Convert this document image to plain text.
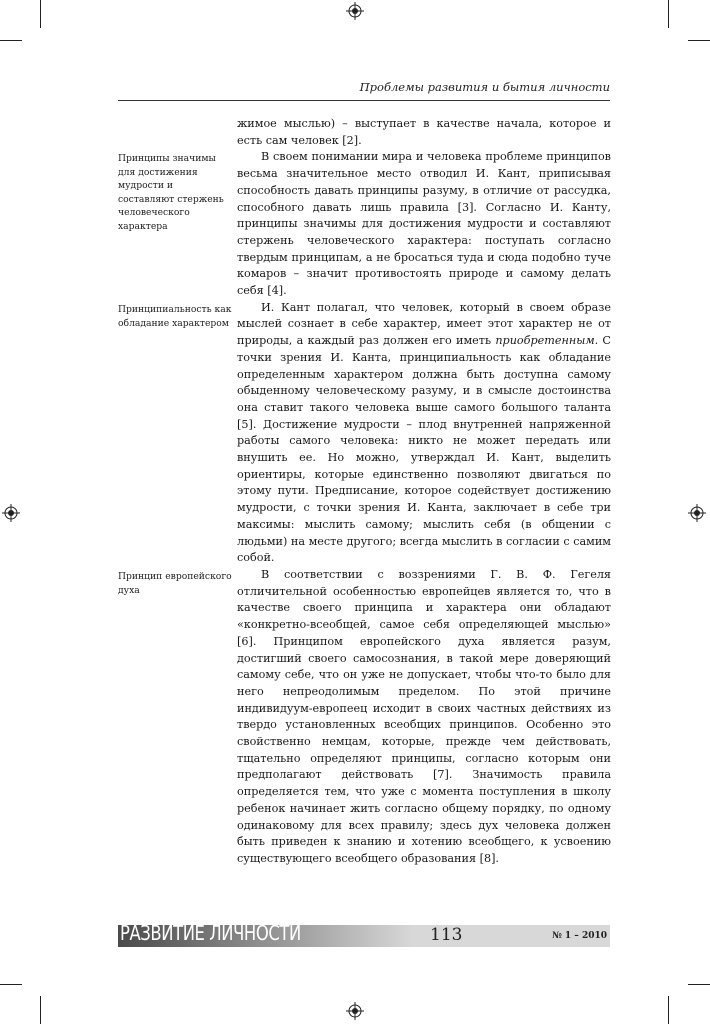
Проблемы развития и бытия личности
Принципы значимы для достижения мудрости и составляют стержень человеческого характера
Принципиальность как обладание характером
Принцип европейского духа

жимое мыслью) – выступает в качестве начала, которое и есть сам человек [2].

В своем понимании мира и человека проблеме принципов весьма значительное место отводил И. Кант, приписывая способность давать принципы разуму, в отличие от рассудка, способного давать лишь правила [3]. Согласно И. Канту, принципы значимы для достижения мудрости и составляют стержень человеческого характера: поступать согласно твердым принципам, а не бросаться туда и сюда подобно туче комаров – значит противостоять природе и самому делать себя [4].

И. Кант полагал, что человек, который в своем образе мыслей сознает в себе характер, имеет этот характер не от природы, а каждый раз должен его иметь приобретенным. С точки зрения И. Канта, принципиальность как обладание определенным характером должна быть доступна самому обыденному человеческому разуму, и в смысле достоинства она ставит такого человека выше самого большого таланта [5]. Достижение мудрости – плод внутренней напряженной работы самого человека: никто не может передать или внушить ее. Но можно, утверждал И. Кант, выделить ориентиры, которые единственно позволяют двигаться по этому пути. Предписание, которое содействует достижению мудрости, с точки зрения И. Канта, заключает в себе три максимы: мыслить самому; мыслить себя (в общении с людьми) на месте другого; всегда мыслить в согласии с самим собой.

В соответствии с воззрениями Г. В. Ф. Гегеля отличительной особенностью европейцев является то, что в качестве своего принципа и характера они обладают «конкретно-всеобщей, самое себя определяющей мыслью» [6]. Принципом европейского духа является разум, достигший своего самосознания, в такой мере доверяющий самому себе, что он уже не допускает, чтобы что-то было для него непреодолимым пределом. По этой причине индивидуум-европеец исходит в своих частных действиях из твердо установленных всеобщих принципов. Особенно это свойственно немцам, которые, прежде чем действовать, тщательно определяют принципы, согласно которым они предполагают действовать [7]. Значимость правила определяется тем, что уже с момента поступления в школу ребенок начинает жить согласно общему порядку, по одному одинаковому для всех правилу; здесь дух человека должен быть приведен к знанию и хотению всеобщего, к усвоению существующего всеобщего образования [8].

РАЗВИТИЕ ЛИЧНОСТИ	113	№ 1 – 2010
